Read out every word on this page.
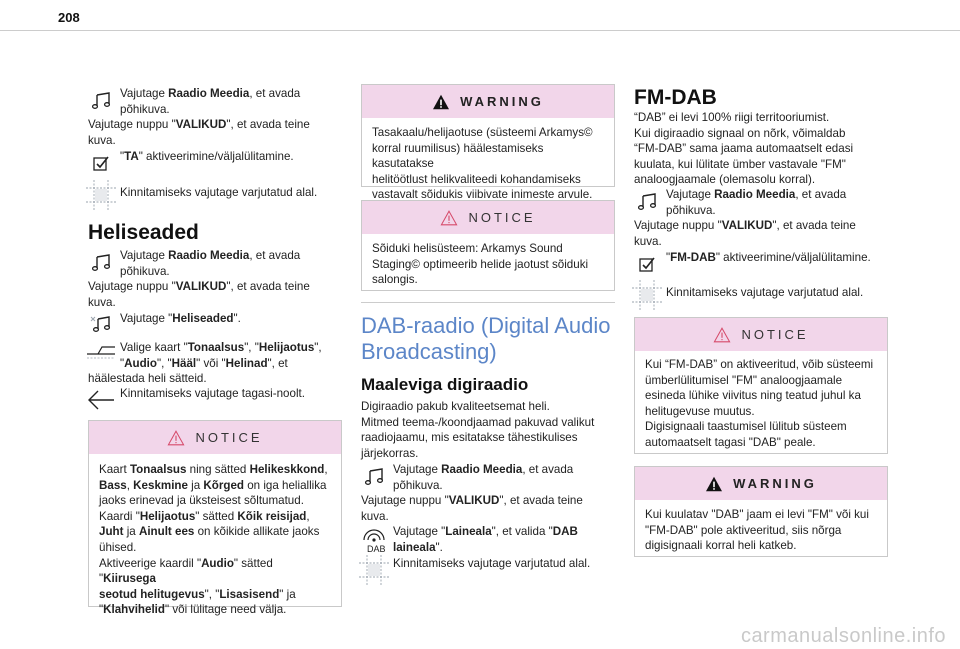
208
Vajutage Raadio Meedia, et avada
põhikuva.
Vajutage nuppu "VALIKUD", et avada teine
kuva.
"TA" aktiveerimine/väljalülitamine.
Kinnitamiseks vajutage varjutatud alal.
Heliseaded
Vajutage Raadio Meedia, et avada
põhikuva.
Vajutage nuppu "VALIKUD", et avada teine
kuva.
Vajutage "Heliseaded".
Valige kaart "Tonaalsus", "Helijaotus",
"Audio", "Hääl" või "Helinad", et
häälestada heli sätteid.
Kinnitamiseks vajutage tagasi-noolt.
NOTICE
Kaart Tonaalsus ning sätted Helikeskkond,
Bass, Keskmine ja Kõrged on iga heliallika
jaoks erinevad ja üksteisest sõltumatud.
Kaardi "Helijaotus" sätted Kõik reisijad,
Juht ja Ainult ees on kõikide allikate jaoks
ühised.
Aktiveerige kaardil "Audio" sätted "Kiirusega
seotud helitugevus", "Lisasisend" ja
"Klahvihelid" või lülitage need välja.
WARNING
Tasakaalu/helijaotuse (süsteemi Arkamys©
korral ruumilisus) häälestamiseks kasutatakse
helitöötlust helikvaliteedi kohandamiseks
vastavalt sõidukis viibivate inimeste arvule.
NOTICE
Sõiduki helisüsteem: Arkamys Sound
Staging© optimeerib helide jaotust sõiduki
salongis.
DAB-raadio (Digital Audio
Broadcasting)
Maaleviga digiraadio
Digiraadio pakub kvaliteetsemat heli.
Mitmed teema-/koondjaamad pakuvad valikut
raadiojaamu, mis esitatakse tähestikulises
järjekorras.
Vajutage Raadio Meedia, et avada
põhikuva.
Vajutage nuppu "VALIKUD", et avada teine
kuva.
DAB
Vajutage "Laineala", et valida "DAB
laineala".
Kinnitamiseks vajutage varjutatud alal.
FM-DAB
“DAB” ei levi 100% riigi territooriumist.
Kui digiraadio signaal on nõrk, võimaldab
“FM-DAB” sama jaama automaatselt edasi
kuulata, kui lülitate ümber vastavale "FM"
analoogjaamale (olemasolu korral).
Vajutage Raadio Meedia, et avada
põhikuva.
Vajutage nuppu "VALIKUD", et avada teine
kuva.
"FM-DAB" aktiveerimine/väljalülitamine.
Kinnitamiseks vajutage varjutatud alal.
NOTICE
Kui “FM-DAB” on aktiveeritud, võib süsteemi
ümberlülitumisel "FM" analoogjaamale
esineda lühike viivitus ning teatud juhul ka
helitugevuse muutus.
Digisignaali taastumisel lülitub süsteem
automaatselt tagasi "DAB" peale.
WARNING
Kui kuulatav "DAB" jaam ei levi "FM" või kui
"FM-DAB" pole aktiveeritud, siis nõrga
digisignaali korral heli katkeb.
carmanualsonline.info
